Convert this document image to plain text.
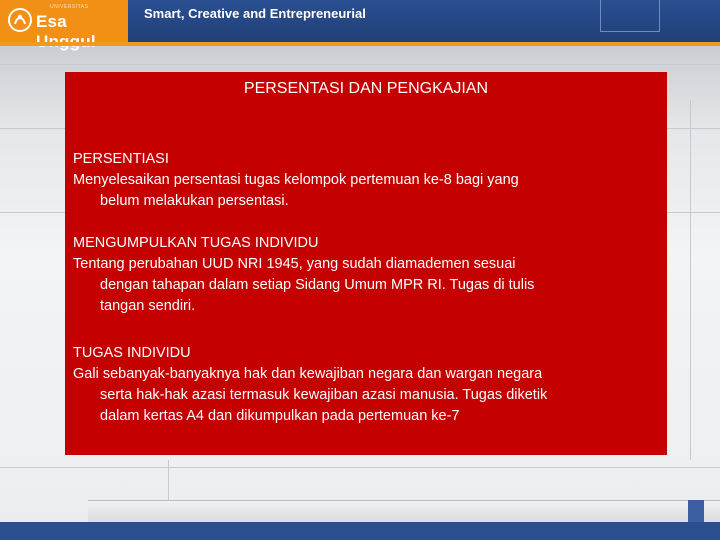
UNIVERSITAS
Esa	Smart, Creative and Entrepreneurial
PERSENTASI DAN PENGKAJIAN

PERSENTIASI

Menyelesaikan persentasi tugas kelompok pertemuan ke-8 bagi yang

belum melakukan persentasi.

MENGUMPULKAN TUGAS INDIVIDU

Tentang perubahan UUD NRI 1945, yang sudah diamademen sesuai

dengan tahapan dalam setiap Sidang Umum MPR RI. Tugas di tulis

tangan sendiri.

TUGAS INDIVIDU

Gali sebanyak-banyaknya hak dan kewajiban negara dan wargan negara

serta hak-hak azasi termasuk kewajiban azasi manusia. Tugas diketik

dalam kertas A4 dan dikumpulkan pada pertemuan ke-7
